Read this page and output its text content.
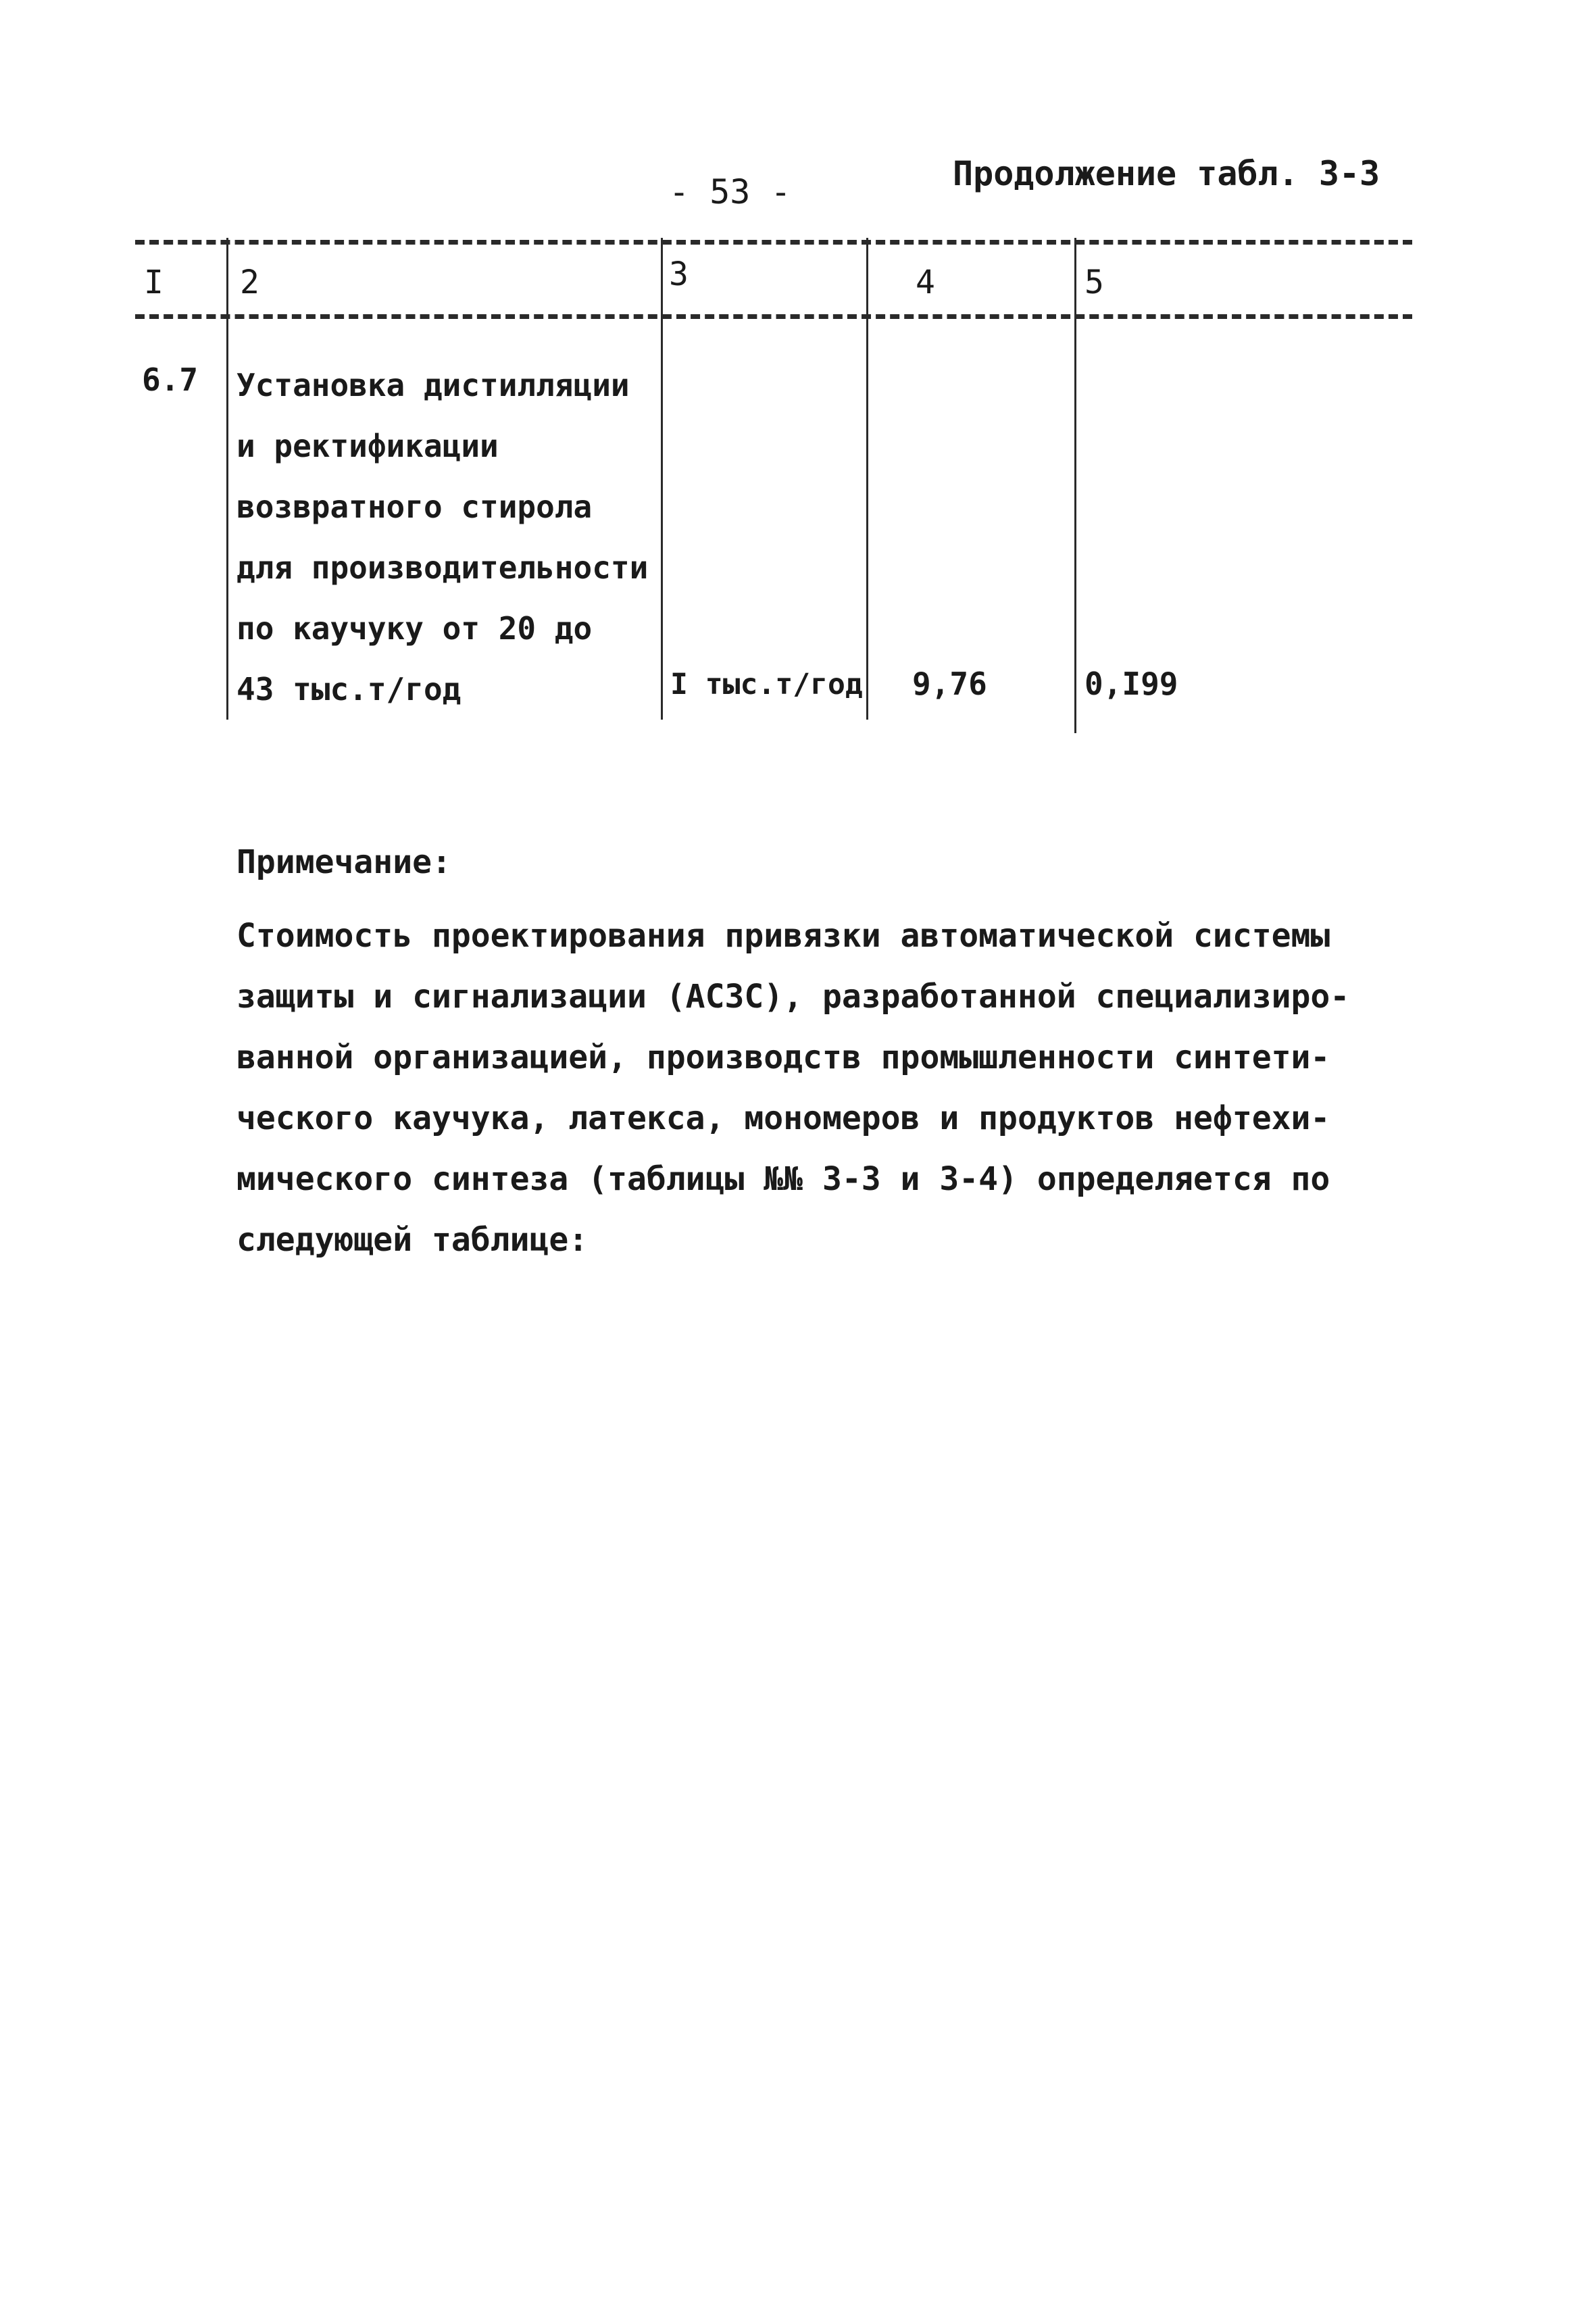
- 53 -	Продолжение табл. 3-3
I 2	3	4	5
6.7 Установка дистилляции
и ректификации
возвратного стирола
для производительности
по каучуку от 20 до
43 тыс.т/год	I тыс.т/год 9,76	0,I99
Примечание:
Стоимость проектирования привязки автоматической системы
защиты и сигнализации (АСЗС), разработанной специализиро-
ванной организацией, производств промышленности синтети-
ческого каучука, латекса, мономеров и продуктов нефтехи-
мического синтеза (таблицы №№ 3-3 и 3-4) определяется по
следующей таблице:
